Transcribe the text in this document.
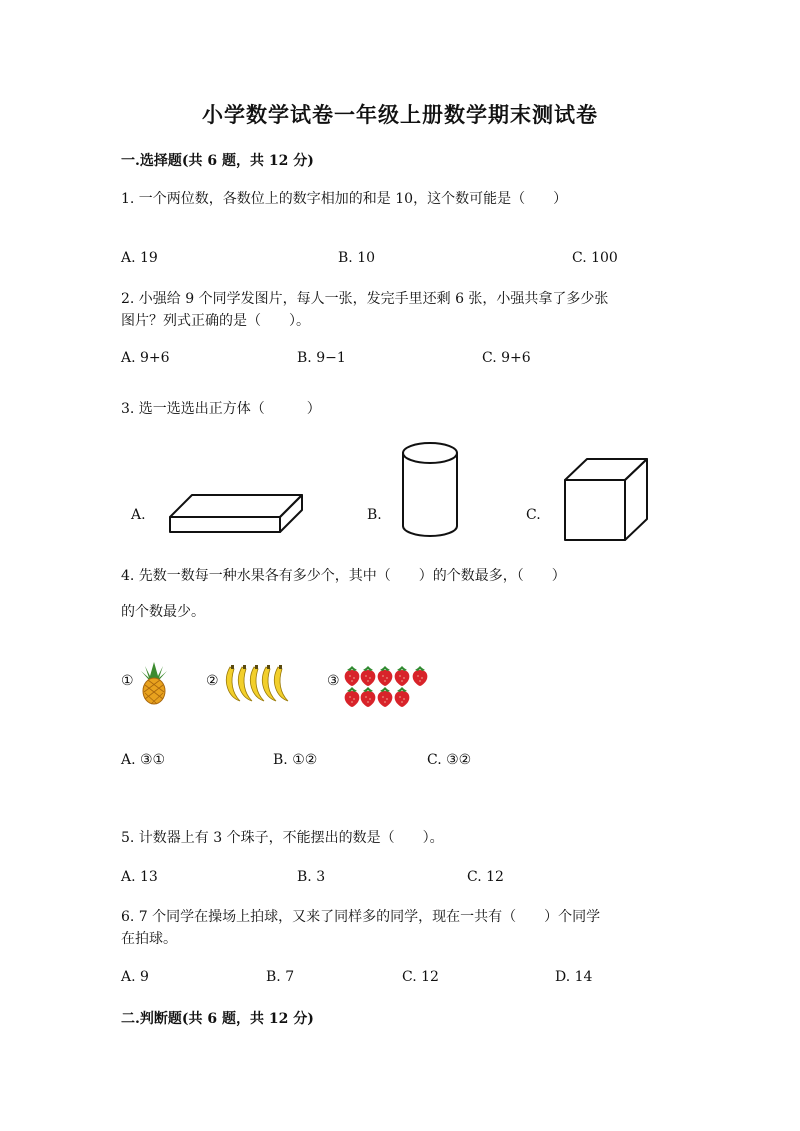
小学数学试卷一年级上册数学期末测试卷
一.选择题(共 6 题，共 12 分)
1. 一个两位数，各数位上的数字相加的和是 10，这个数可能是（　　）
A. 19	B. 10	C. 100
2. 小强给 9 个同学发图片，每人一张，发完手里还剩 6 张，小强共拿了多少张
图片？列式正确的是（　　）。
A. 9+6	B. 9−1	C. 9+6
3. 选一选选出正方体（　　　）
A.	B.	C.
4. 先数一数每一种水果各有多少个，其中（　　）的个数最多，（　　）
的个数最少。
①	②	③
A. ③①	B. ①②	C. ③②
5. 计数器上有 3 个珠子，不能摆出的数是（　　）。
A. 13	B. 3	C. 12
6. 7 个同学在操场上拍球，又来了同样多的同学，现在一共有（　　）个同学
在拍球。
A. 9	B. 7	C. 12	D. 14
二.判断题(共 6 题，共 12 分)
